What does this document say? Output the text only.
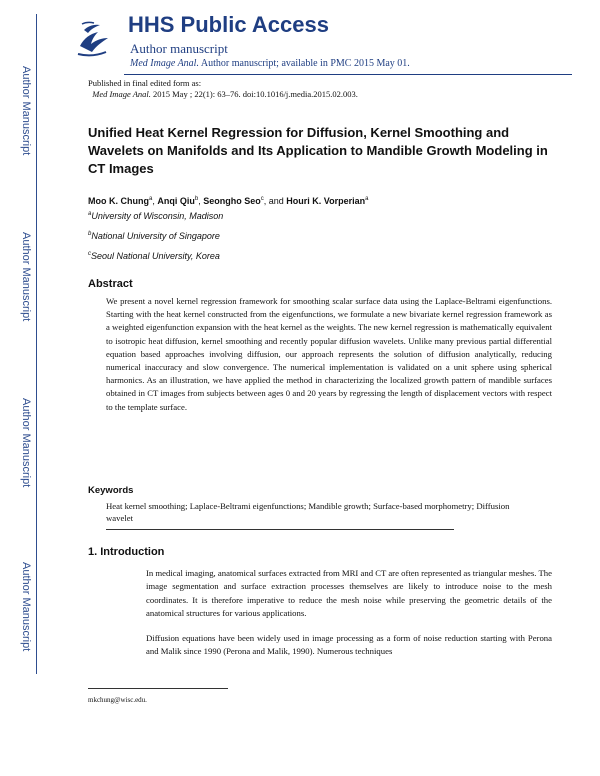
Author Manuscript
Author Manuscript
Author Manuscript
Author Manuscript
HHS Public Access
Author manuscript
Med Image Anal. Author manuscript; available in PMC 2015 May 01.
Published in final edited form as:
Med Image Anal. 2015 May ; 22(1): 63–76. doi:10.1016/j.media.2015.02.003.
Unified Heat Kernel Regression for Diffusion, Kernel Smoothing and Wavelets on Manifolds and Its Application to Mandible Growth Modeling in CT Images
Moo K. Chung$^a$, Anqi Qiu$^b$, Seongho Seo$^c$, and Houri K. Vorperian$^a$
$^a$University of Wisconsin, Madison
$^b$National University of Singapore
$^c$Seoul National University, Korea
Abstract
We present a novel kernel regression framework for smoothing scalar surface data using the Laplace-Beltrami eigenfunctions. Starting with the heat kernel constructed from the eigenfunctions, we formulate a new bivariate kernel regression framework as a weighted eigenfunction expansion with the heat kernel as the weights. The new kernel regression is mathematically equivalent to isotropic heat diffusion, kernel smoothing and recently popular diffusion wavelets. Unlike many previous partial differential equation based approaches involving diffusion, our approach represents the solution of diffusion analytically, reducing numerical inaccuracy and slow convergence. The numerical implementation is validated on a unit sphere using spherical harmonics. As an illustration, we have applied the method in characterizing the localized growth pattern of mandible surfaces obtained in CT images from subjects between ages 0 and 20 years by regressing the length of displacement vectors with respect to the template surface.
Keywords
Heat kernel smoothing; Laplace-Beltrami eigenfunctions; Mandible growth; Surface-based morphometry; Diffusion wavelet
1. Introduction
In medical imaging, anatomical surfaces extracted from MRI and CT are often represented as triangular meshes. The image segmentation and surface extraction processes themselves are likely to introduce noise to the mesh coordinates. It is therefore imperative to reduce the mesh noise while preserving the geometric details of the anatomical structures for various applications.
Diffusion equations have been widely used in image processing as a form of noise reduction starting with Perona and Malik since 1990 (Perona and Malik, 1990). Numerous techniques
mkchung@wisc.edu.
